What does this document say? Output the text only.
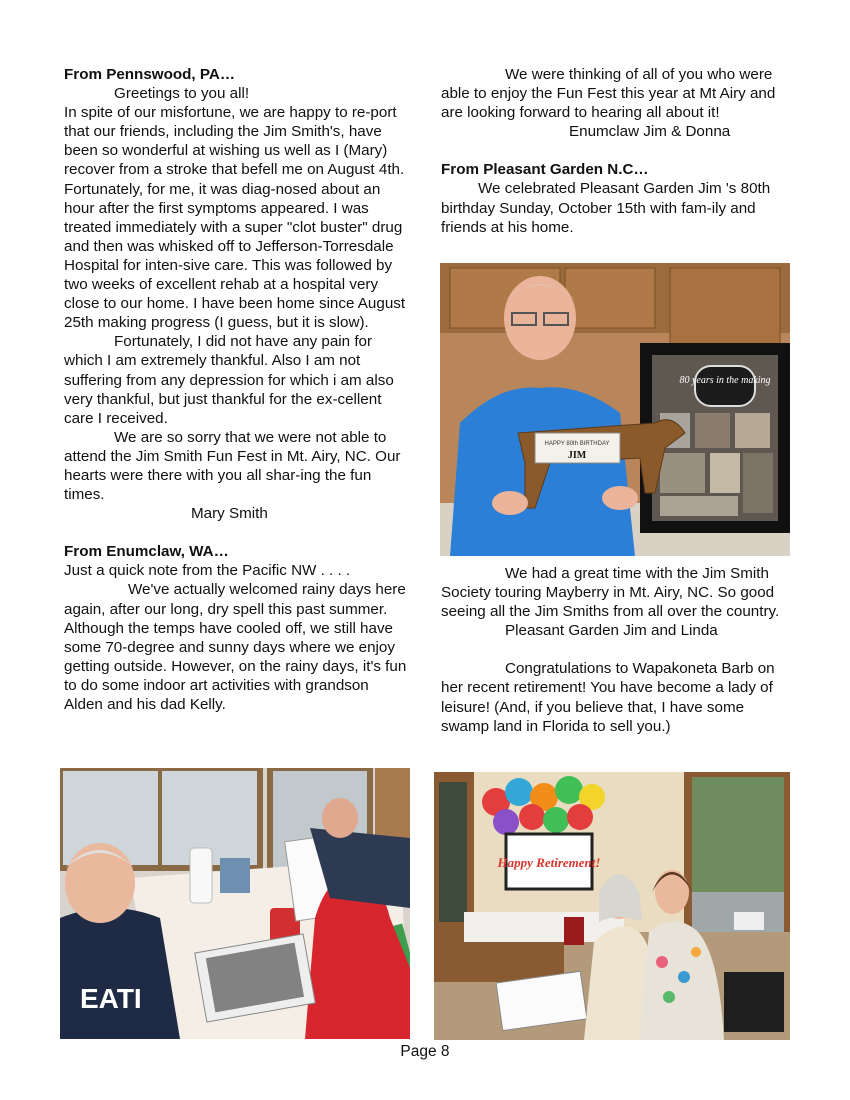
From Pennswood, PA…

Greetings to you all!

In spite of our misfortune, we are happy to re-port that our friends, including the Jim Smith's, have been so wonderful at wishing us well as I (Mary) recover from a stroke that befell me on August 4th. Fortunately, for me, it was diag-nosed about an hour after the first symptoms appeared. I was treated immediately with a super "clot buster" drug and then was whisked off to Jefferson-Torresdale Hospital for inten-sive care. This was followed by two weeks of excellent rehab at a hospital very close to our home. I have been home since August 25th making progress (I guess, but it is slow).

Fortunately, I did not have any pain for which I am extremely thankful. Also I am not suffering from any depression for which i am also very thankful, but just thankful for the ex-cellent care I received.

We are so sorry that we were not able to attend the Jim Smith Fun Fest in Mt. Airy, NC. Our hearts were there with you all shar-ing the fun times.

Mary Smith

From Enumclaw, WA…

Just a quick note from the Pacific NW . . . .

We've actually welcomed rainy days here again, after our long, dry spell this past summer. Although the temps have cooled off, we still have some 70-degree and sunny days where we enjoy getting outside. However, on the rainy days, it's fun to do some indoor art activities with grandson Alden and his dad Kelly.

We were thinking of all of you who were able to enjoy the Fun Fest this year at Mt Airy and are looking forward to hearing all about it!

Enumclaw Jim & Donna

From Pleasant Garden N.C…

We celebrated Pleasant Garden Jim 's 80th birthday Sunday, October 15th with fam-ily and friends at his home.

80 years in the making
HAPPY 80th BIRTHDAY
JIM

We had a great time with the Jim Smith Society touring Mayberry in Mt. Airy, NC. So good seeing all the Jim Smiths from all over the country.

Pleasant Garden Jim and Linda

Congratulations to Wapakoneta Barb on her recent retirement! You have become a lady of leisure! (And, if you believe that, I have some swamp land in Florida to sell you.)

EATI
Happy Retirement!
Page 8
